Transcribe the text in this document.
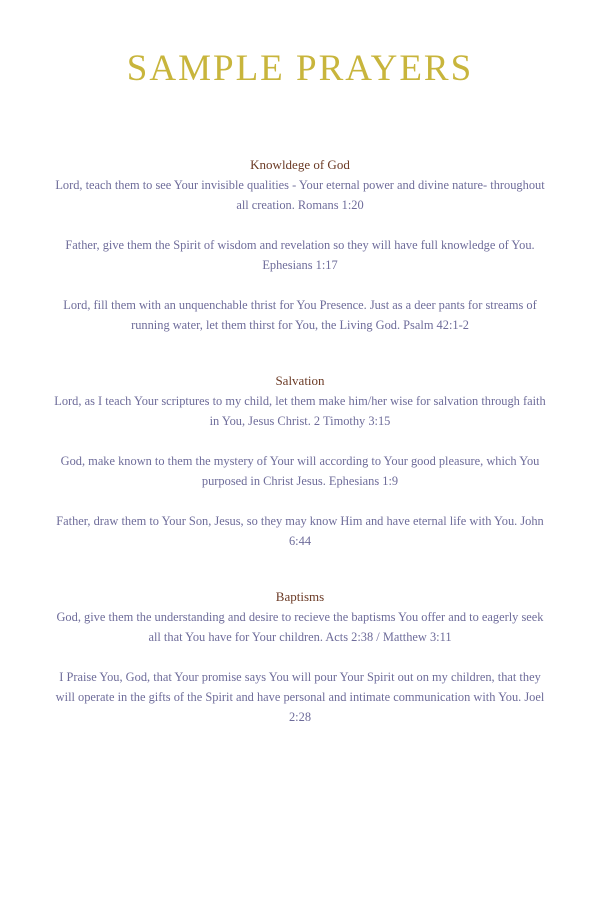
SAMPLE PRAYERS
Knowldege of God
Lord, teach them to see Your invisible qualities - Your eternal power and divine nature- throughout all creation. Romans 1:20
Father, give them the Spirit of wisdom and revelation so they will have full knowledge of You. Ephesians 1:17
Lord, fill them with an unquenchable thrist for You Presence. Just as a deer pants for streams of running water, let them thirst for You, the Living God. Psalm 42:1-2
Salvation
Lord, as I teach Your scriptures to my child, let them make him/her wise for salvation through faith in You, Jesus Christ. 2 Timothy 3:15
God, make known to them the mystery of Your will according to Your good pleasure, which You purposed in Christ Jesus. Ephesians 1:9
Father, draw them to Your Son, Jesus, so they may know Him and have eternal life with You. John 6:44
Baptisms
God, give them the understanding and desire to recieve the baptisms You offer and to eagerly seek all that You have for Your children. Acts 2:38 / Matthew 3:11
I Praise You, God, that Your promise says You will pour Your Spirit out on my children, that they will operate in the gifts of the Spirit and have personal and intimate communication with You. Joel 2:28
